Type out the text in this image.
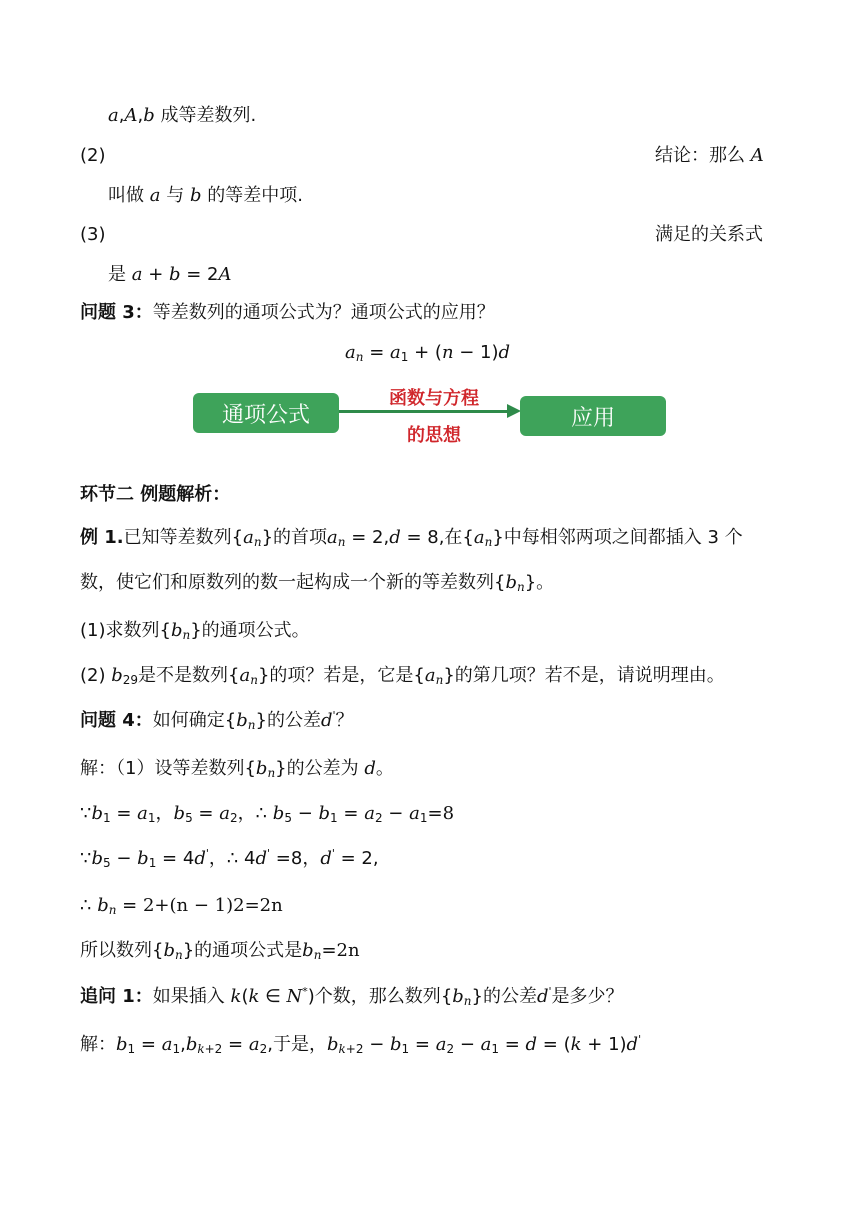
a,A,b 成等差数列.
(2)	结论：那么 A
叫做 a 与 b 的等差中项.
(3)	满足的关系式
是 a + b = 2A
问题 3：等差数列的通项公式为？通项公式的应用？
$a_n = a_1 + (n - 1)d$
通项公式
函数与方程
的思想
应用
环节二 例题解析：
例 1.已知等差数列$\{a_n\}$的首项$a_n = 2,d = 8$,在$\{a_n\}$中每相邻两项之间都插入 3 个
数，使它们和原数列的数一起构成一个新的等差数列$\{b_n\}$。
(1)求数列$\{b_n\}$的通项公式。
(2) $b_{29}$是不是数列$\{a_n\}$的项？若是，它是$\{a_n\}$的第几项？若不是，请说明理由。
问题 4：如何确定$\{b_n\}$的公差d'？
解：（1）设等差数列$\{b_n\}$的公差为 d。
$\because b_1 = a_1$，$b_5 = a_2$，∴ $b_5 - b_1 = a_2 - a_1=8$
$\because b_5 - b_1 = 4d'$，∴ 4d' =8，d' = 2,
∴ $b_n = 2+(n - 1)2=2n$
所以数列$\{b_n\}$的通项公式是$b_n=2n$
追问 1：如果插入 k(k ∈ N*)个数，那么数列$\{b_n\}$的公差d'是多少？
解：$b_1 = a_1,b_{k+2} = a_2$,于是，$b_{k+2} - b_1 = a_2 - a_1 = d = (k + 1)d'$
